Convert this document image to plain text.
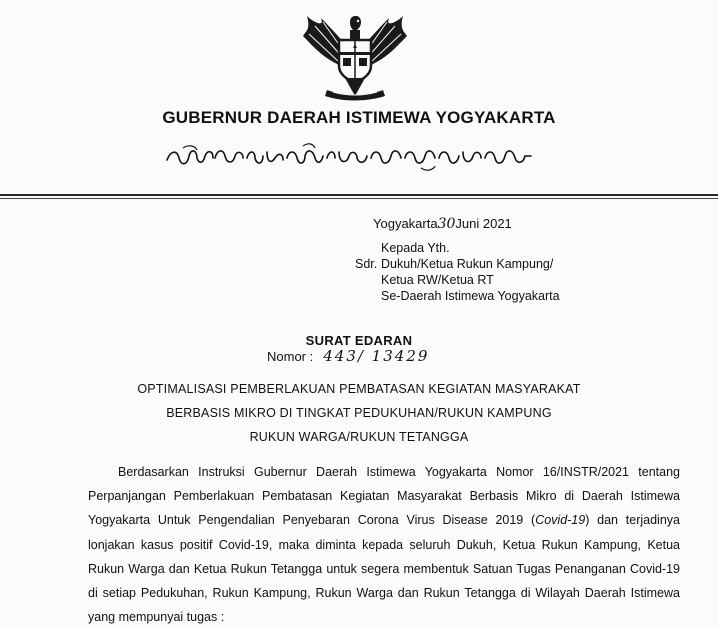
GUBERNUR DAERAH ISTIMEWA YOGYAKARTA
Yogyakarta30Juni 2021
Kepada Yth.
Sdr. Dukuh/Ketua Rukun Kampung/
Ketua RW/Ketua RT
Se-Daerah Istimewa Yogyakarta
SURAT EDARAN
Nomor : 443/ 13429
OPTIMALISASI PEMBERLAKUAN PEMBATASAN KEGIATAN MASYARAKAT
BERBASIS MIKRO DI TINGKAT PEDUKUHAN/RUKUN KAMPUNG
RUKUN WARGA/RUKUN TETANGGA

Berdasarkan Instruksi Gubernur Daerah Istimewa Yogyakarta Nomor 16/INSTR/2021 tentang Perpanjangan Pemberlakuan Pembatasan Kegiatan Masyarakat Berbasis Mikro di Daerah Istimewa Yogyakarta Untuk Pengendalian Penyebaran Corona Virus Disease 2019 (Covid-19) dan terjadinya lonjakan kasus positif Covid-19, maka diminta kepada seluruh Dukuh, Ketua Rukun Kampung, Ketua Rukun Warga dan Ketua Rukun Tetangga untuk segera membentuk Satuan Tugas Penanganan Covid-19 di setiap Pedukuhan, Rukun Kampung, Rukun Warga dan Rukun Tetangga di Wilayah Daerah Istimewa yang mempunyai tugas :
